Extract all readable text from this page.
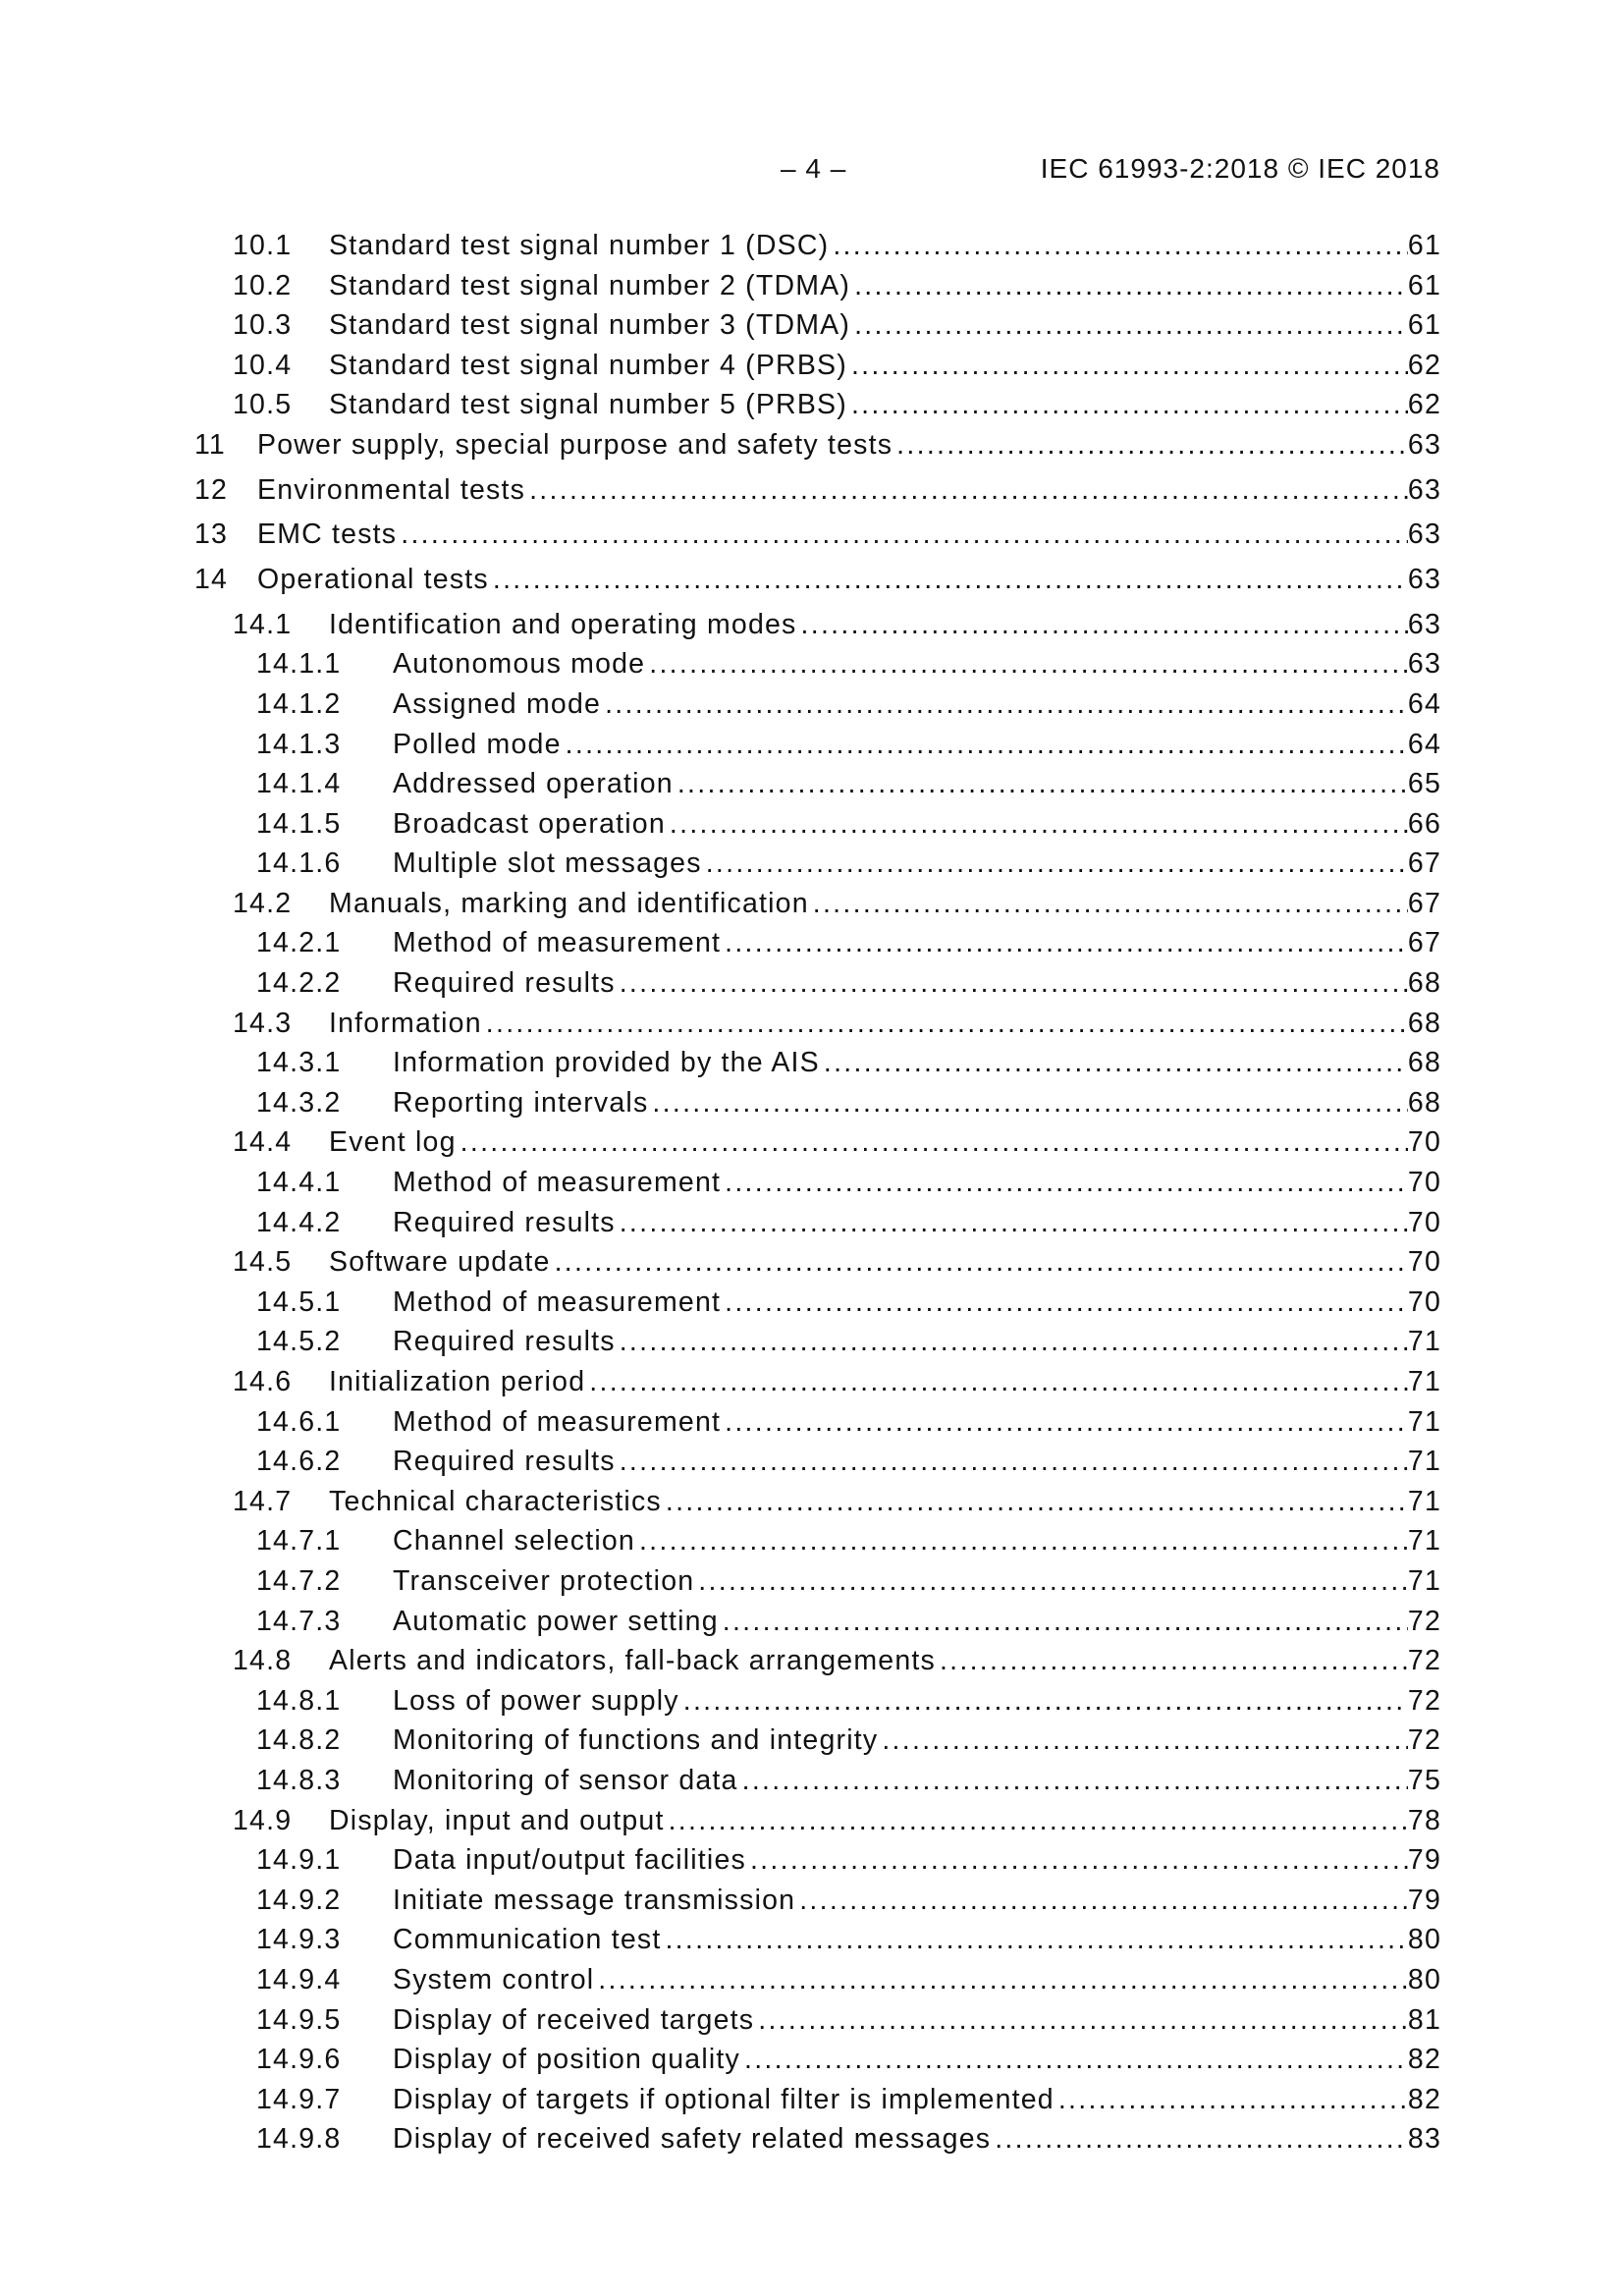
– 4 –	IEC 61993-2:2018 © IEC 2018
10.1	Standard test signal number 1 (DSC) .....	61
10.2	Standard test signal number 2 (TDMA) .....	61
10.3	Standard test signal number 3 (TDMA) .....	61
10.4	Standard test signal number 4 (PRBS) .....	62
10.5	Standard test signal number 5 (PRBS) .....	62
11	Power supply, special purpose and safety tests .....	63
12	Environmental tests .....	63
13	EMC tests .....	63
14	Operational tests .....	63
14.1	Identification and operating modes .....	63
14.1.1	Autonomous mode .....	63
14.1.2	Assigned mode .....	64
14.1.3	Polled mode .....	64
14.1.4	Addressed operation .....	65
14.1.5	Broadcast operation .....	66
14.1.6	Multiple slot messages .....	67
14.2	Manuals, marking and identification .....	67
14.2.1	Method of measurement .....	67
14.2.2	Required results .....	68
14.3	Information .....	68
14.3.1	Information provided by the AIS .....	68
14.3.2	Reporting intervals .....	68
14.4	Event log .....	70
14.4.1	Method of measurement .....	70
14.4.2	Required results .....	70
14.5	Software update .....	70
14.5.1	Method of measurement .....	70
14.5.2	Required results .....	71
14.6	Initialization period .....	71
14.6.1	Method of measurement .....	71
14.6.2	Required results .....	71
14.7	Technical characteristics .....	71
14.7.1	Channel selection .....	71
14.7.2	Transceiver protection .....	71
14.7.3	Automatic power setting .....	72
14.8	Alerts and indicators, fall-back arrangements .....	72
14.8.1	Loss of power supply .....	72
14.8.2	Monitoring of functions and integrity .....	72
14.8.3	Monitoring of sensor data .....	75
14.9	Display, input and output .....	78
14.9.1	Data input/output facilities .....	79
14.9.2	Initiate message transmission .....	79
14.9.3	Communication test .....	80
14.9.4	System control .....	80
14.9.5	Display of received targets .....	81
14.9.6	Display of position quality .....	82
14.9.7	Display of targets if optional filter is implemented .....	82
14.9.8	Display of received safety related messages .....	83
